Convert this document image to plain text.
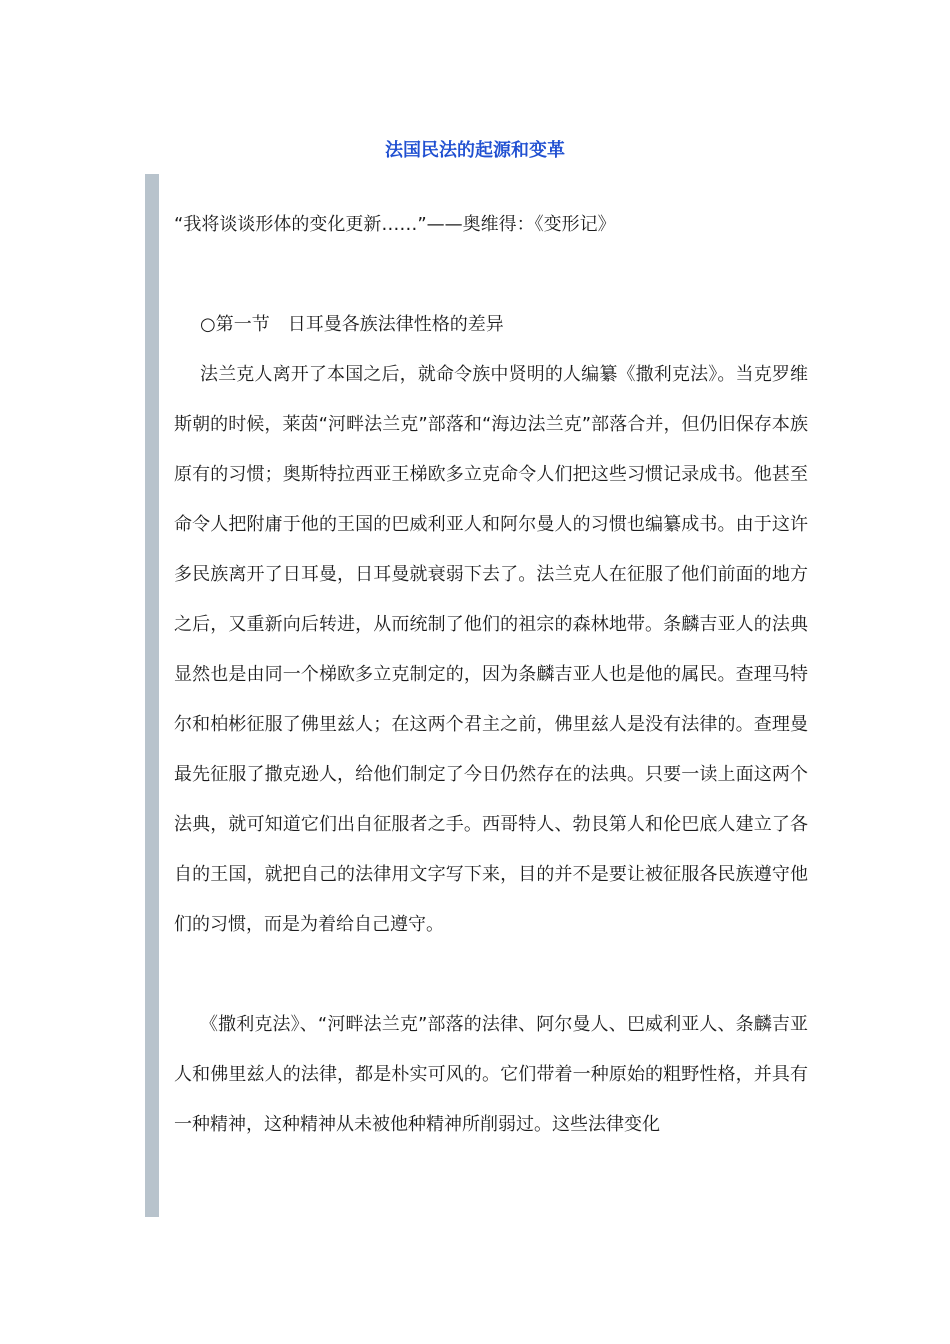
法国民法的起源和变革

“我将谈谈形体的变化更新……”——奥维得：《变形记》

○第一节　日耳曼各族法律性格的差异

法兰克人离开了本国之后，就命令族中贤明的人编纂《撒利克法》。当克罗维斯朝的时候，莱茵“河畔法兰克”部落和“海边法兰克”部落合并，但仍旧保存本族原有的习惯；奥斯特拉西亚王梯欧多立克命令人们把这些习惯记录成书。他甚至命令人把附庸于他的王国的巴威利亚人和阿尔曼人的习惯也编纂成书。由于这许多民族离开了日耳曼，日耳曼就衰弱下去了。法兰克人在征服了他们前面的地方之后，又重新向后转进，从而统制了他们的祖宗的森林地带。条麟吉亚人的法典显然也是由同一个梯欧多立克制定的，因为条麟吉亚人也是他的属民。查理马特尔和柏彬征服了佛里兹人；在这两个君主之前，佛里兹人是没有法律的。查理曼最先征服了撒克逊人，给他们制定了今日仍然存在的法典。只要一读上面这两个法典，就可知道它们出自征服者之手。西哥特人、勃艮第人和伦巴底人建立了各自的王国，就把自己的法律用文字写下来，目的并不是要让被征服各民族遵守他们的习惯，而是为着给自己遵守。

《撒利克法》、“河畔法兰克”部落的法律、阿尔曼人、巴威利亚人、条麟吉亚人和佛里兹人的法律，都是朴实可风的。它们带着一种原始的粗野性格，并具有一种精神，这种精神从未被他种精神所削弱过。这些法律变化
